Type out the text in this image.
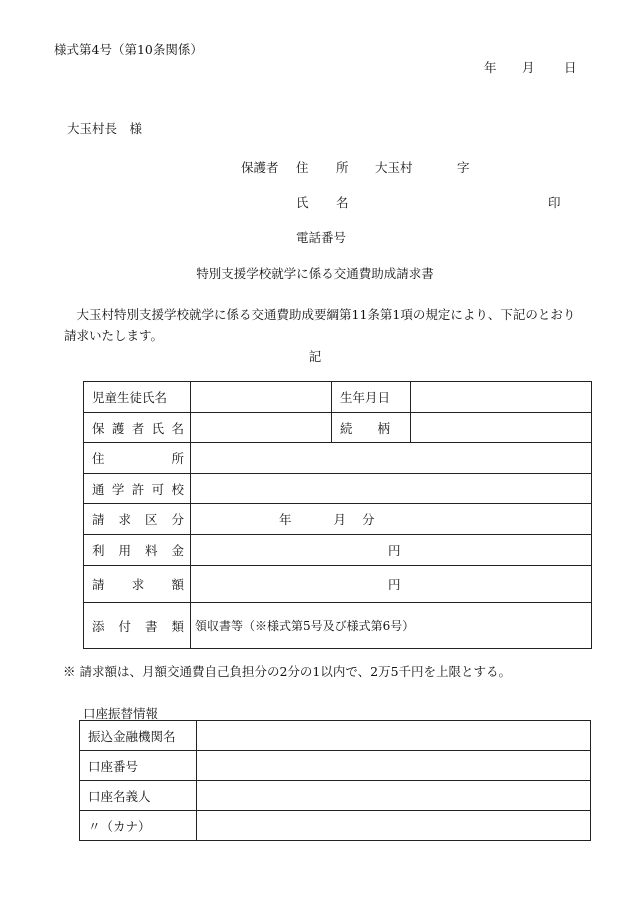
様式第4号（第10条関係）
年 月 日
大玉村長　様
保護者 住 所 大玉村	字
氏 名	印
電話番号
特別支援学校就学に係る交通費助成請求書
大玉村特別支援学校就学に係る交通費助成要綱第11条第1項の規定により、下記のとおり請求いたします。
記
児童生徒氏名		生年月日	

保 護 者 氏 名		続　　柄	

住 所			

通 学 許 可 校			

請 求 区 分	年 月 分		

利 用 料 金	円		

請 求 額	円		

添 付 書 類	領収書等（※様式第5号及び様式第6号）		
※ 請求額は、月額交通費自己負担分の2分の1以内で、2万5千円を上限とする。
口座振替情報
振込金融機関名	
口座番号	
口座名義人	
〃（カナ）	
